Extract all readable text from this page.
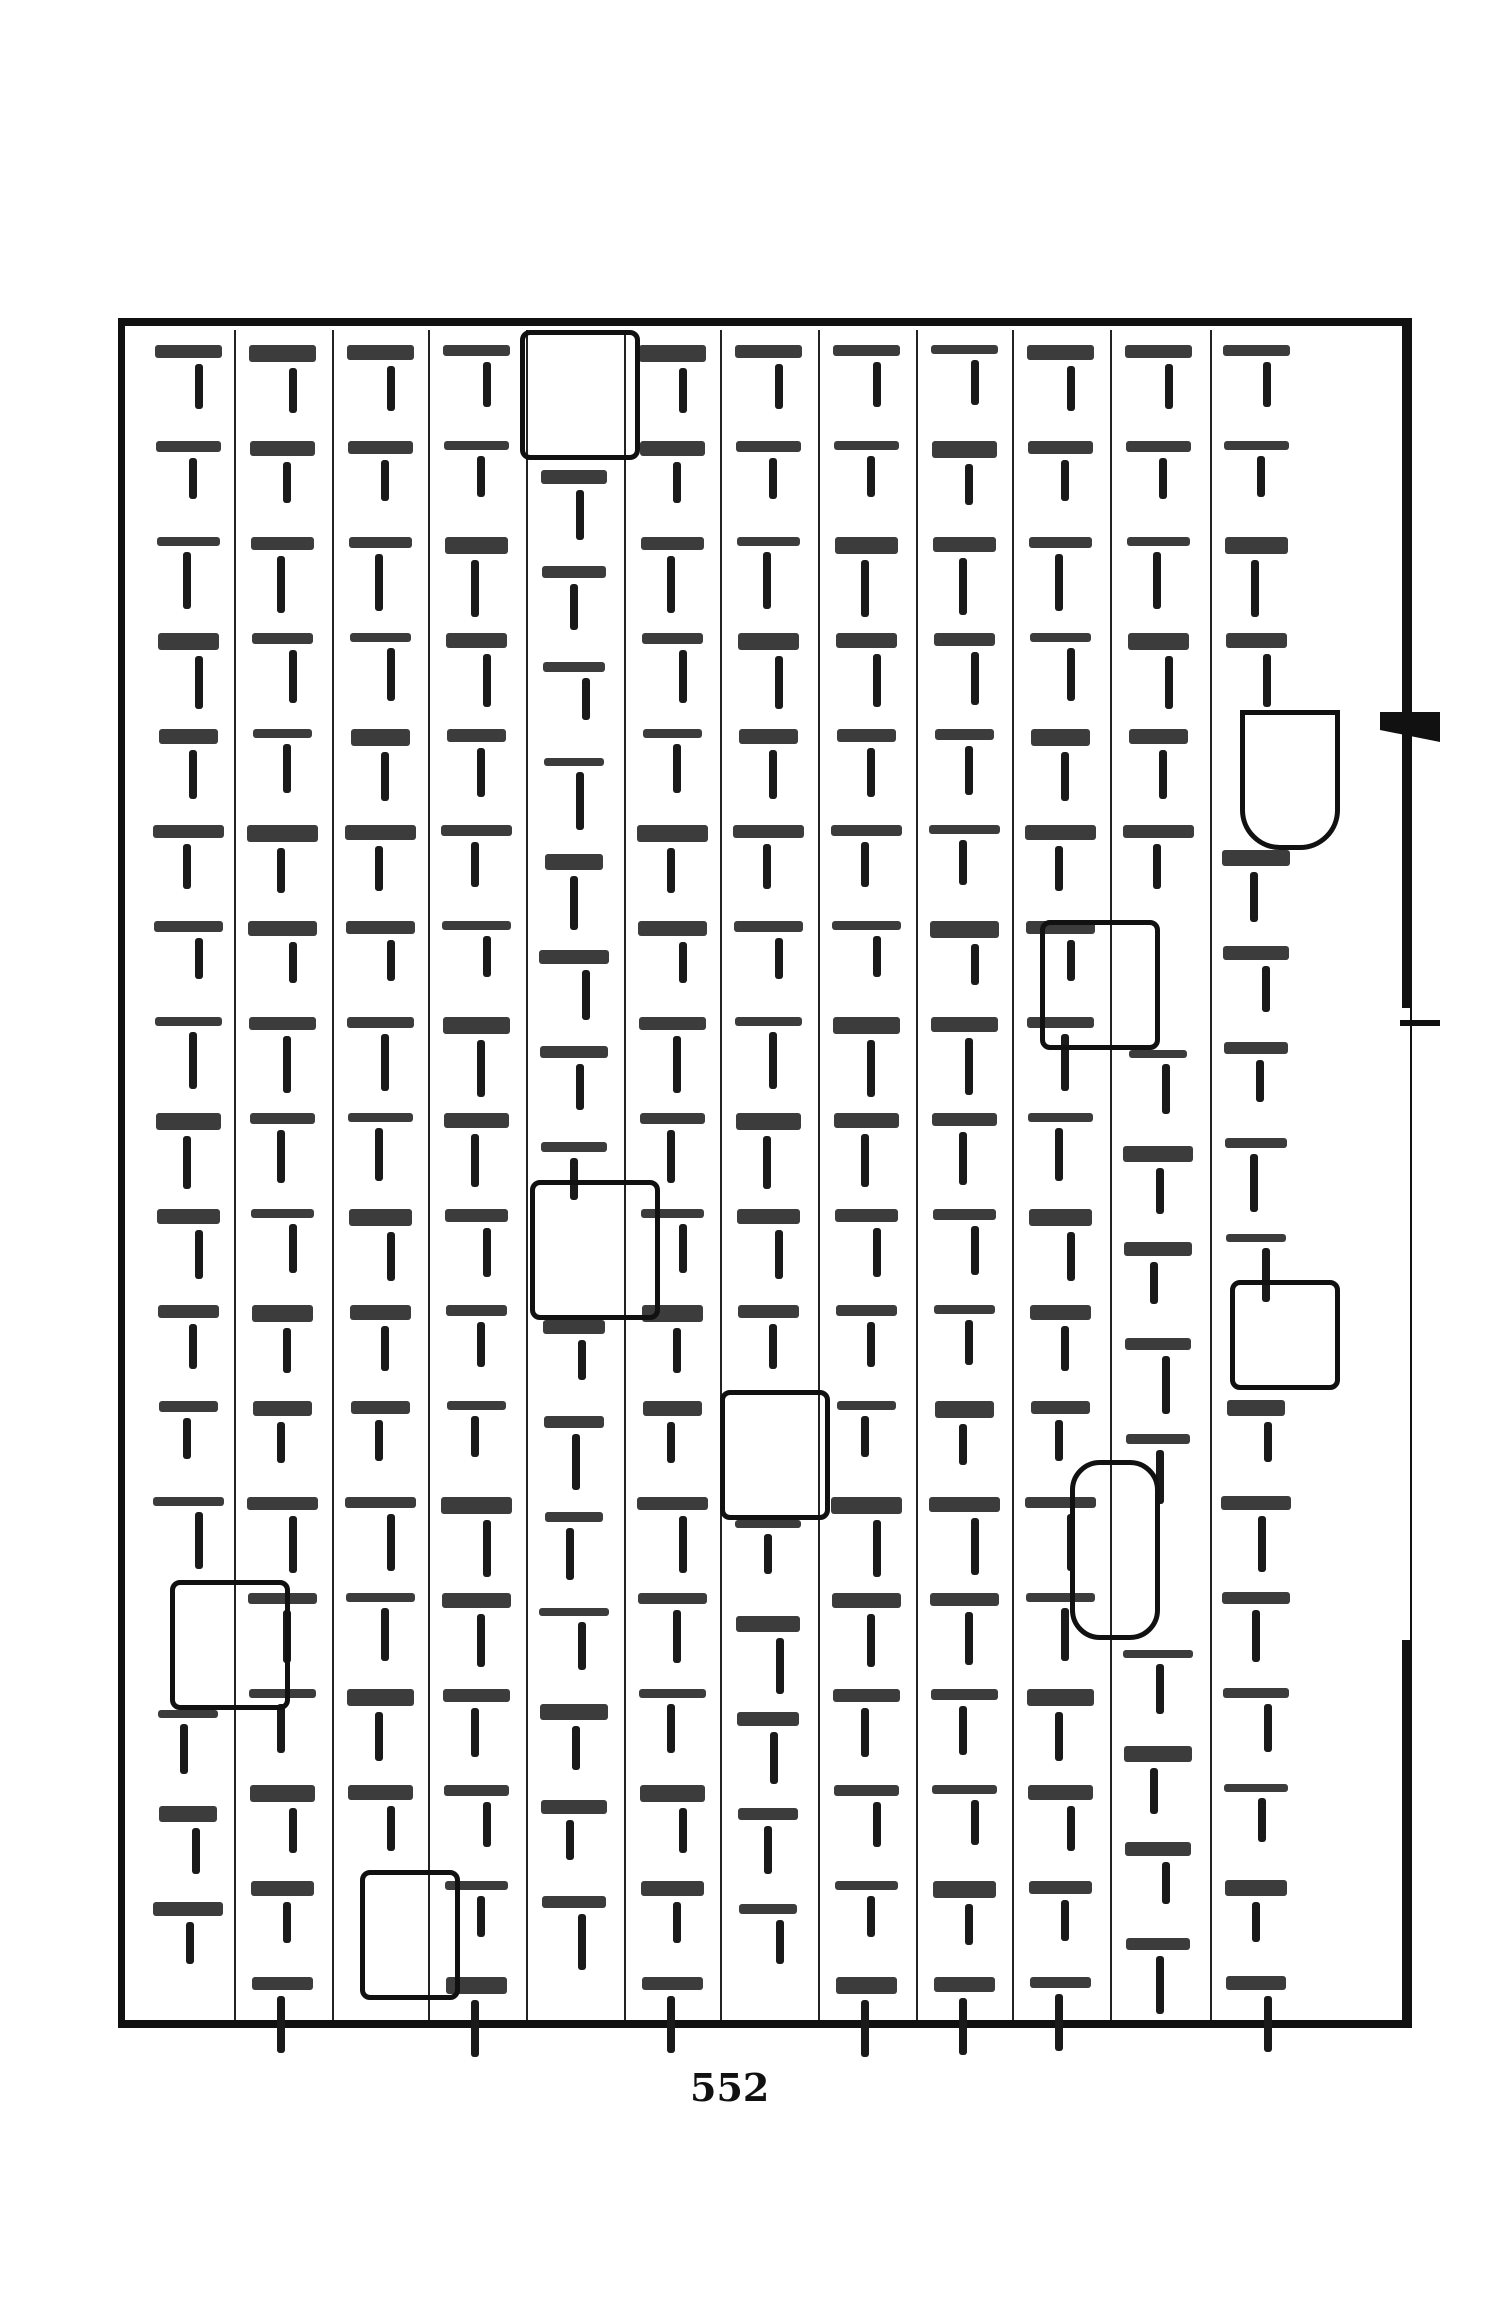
552
